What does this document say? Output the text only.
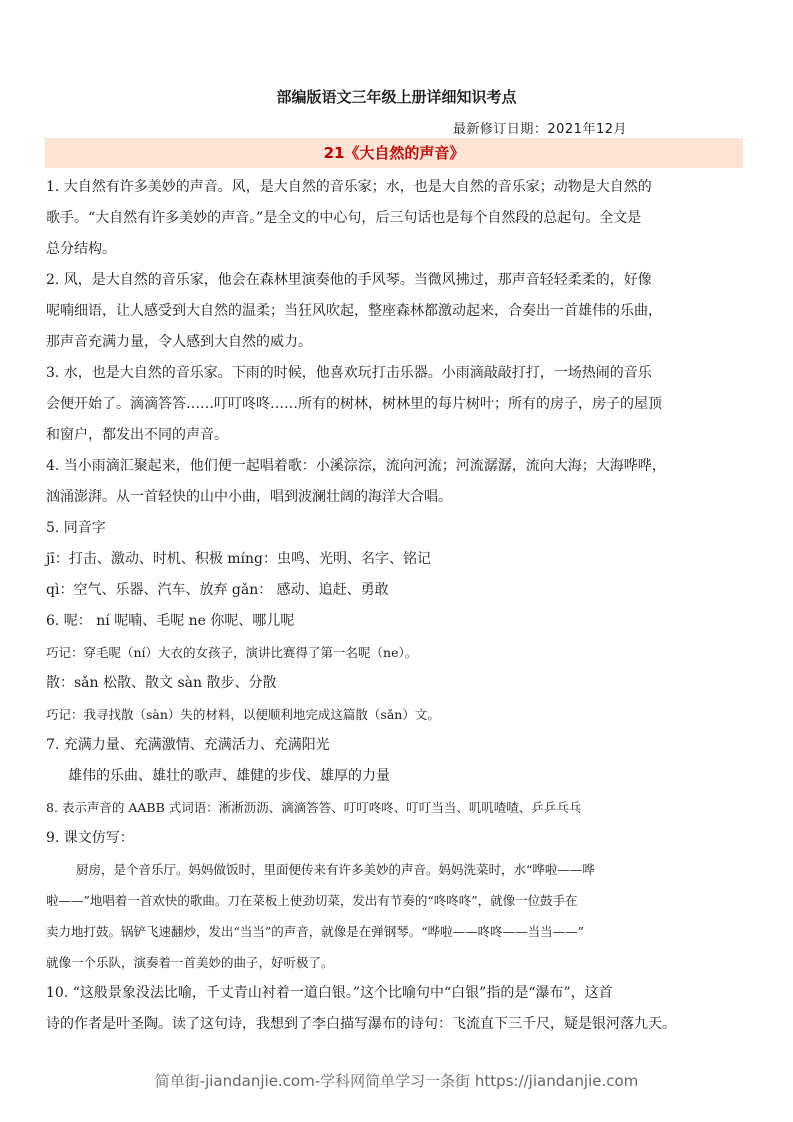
部编版语文三年级上册详细知识考点
最新修订日期：2021年12月
21《大自然的声音》
1. 大自然有许多美妙的声音。风，是大自然的音乐家；水，也是大自然的音乐家；动物是大自然的
歌手。“大自然有许多美妙的声音。”是全文的中心句，后三句话也是每个自然段的总起句。全文是
总分结构。
2. 风，是大自然的音乐家，他会在森林里演奏他的手风琴。当微风拂过，那声音轻轻柔柔的，好像
呢喃细语，让人感受到大自然的温柔；当狂风吹起，整座森林都激动起来，合奏出一首雄伟的乐曲，
那声音充满力量，令人感到大自然的威力。
3. 水，也是大自然的音乐家。下雨的时候，他喜欢玩打击乐器。小雨滴敲敲打打，一场热闹的音乐
会便开始了。滴滴答答……叮叮咚咚……所有的树林，树林里的每片树叶；所有的房子，房子的屋顶
和窗户，都发出不同的声音。
4. 当小雨滴汇聚起来，他们便一起唱着歌：小溪淙淙，流向河流；河流潺潺，流向大海；大海哗哗，
汹涌澎湃。从一首轻快的山中小曲，唱到波澜壮阔的海洋大合唱。
5. 同音字
jī：打击、激动、时机、积极 míng：虫鸣、光明、名字、铭记
qì：空气、乐器、汽车、放弃 gǎn： 感动、追赶、勇敢
6. 呢： ní 呢喃、毛呢 ne 你呢、哪儿呢
巧记：穿毛呢（ní）大衣的女孩子，演讲比赛得了第一名呢（ne）。
散：sǎn 松散、散文 sàn 散步、分散
巧记：我寻找散（sàn）失的材料，以便顺利地完成这篇散（sǎn）文。
7. 充满力量、充满激情、充满活力、充满阳光
雄伟的乐曲、雄壮的歌声、雄健的步伐、雄厚的力量
8. 表示声音的 AABB 式词语：淅淅沥沥、滴滴答答、叮叮咚咚、叮叮当当、叽叽喳喳、乒乒乓乓
9. 课文仿写：
厨房，是个音乐厅。妈妈做饭时，里面便传来有许多美妙的声音。妈妈洗菜时，水“哗啦——哗
啦——”地唱着一首欢快的歌曲。刀在菜板上使劲切菜，发出有节奏的“咚咚咚”，就像一位鼓手在
卖力地打鼓。锅铲飞速翻炒，发出“当当”的声音，就像是在弹钢琴。“哗啦——咚咚——当当——”
就像一个乐队，演奏着一首美妙的曲子，好听极了。
10. “这般景象没法比喻，千丈青山衬着一道白银。”这个比喻句中“白银”指的是“瀑布”，这首
诗的作者是叶圣陶。读了这句诗，我想到了李白描写瀑布的诗句：飞流直下三千尺，疑是银河落九天。
简单街-jiandanjie.com-学科网简单学习一条街 https://jiandanjie.com
